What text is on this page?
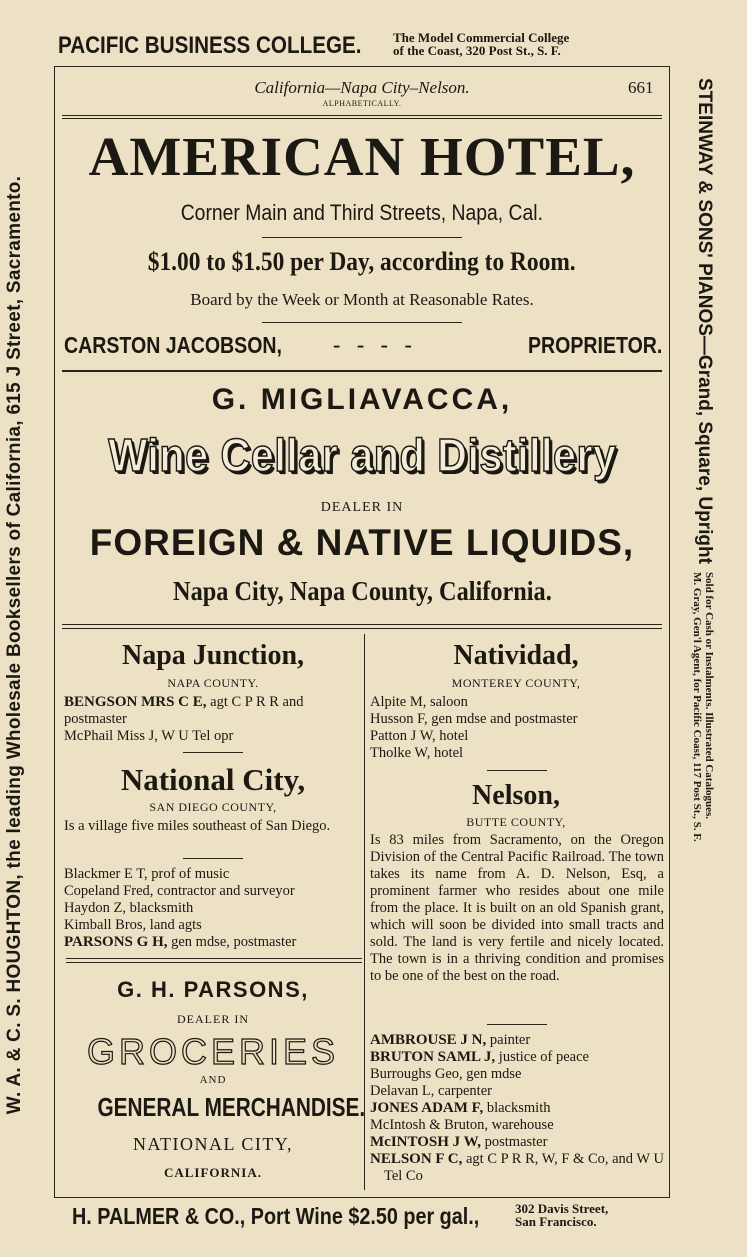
PACIFIC BUSINESS COLLEGE. The Model Commercial College
of the Coast, 320 Post St., S. F.
W. A. & C. S. HOUGHTON, the leading Wholesale Booksellers of California, 615 J Street, Sacramento.	STEINWAY & SONS' PIANOS—Grand, Square, Upright
Sold for Cash or Instalments. Illustrated Catalogues.
M. Gray, Gen'l Agent, for Pacific Coast, 117 Post St., S. F.
California—Napa City–Nelson.	661
ALPHABETICALLY.
AMERICAN HOTEL,
Corner Main and Third Streets, Napa, Cal.
$1.00 to $1.50 per Day, according to Room.
Board by the Week or Month at Reasonable Rates.
CARSTON JACOBSON, -   -   -   -	PROPRIETOR.
G. MIGLIAVACCA,
Wine Cellar and Distillery
DEALER IN
FOREIGN & NATIVE LIQUIDS,
Napa City, Napa County, California.
Napa Junction,
NAPA COUNTY.
BENGSON MRS C E, agt C P R R and postmaster
McPhail Miss J, W U Tel opr
National City,
SAN DIEGO COUNTY,
Is a village five miles southeast of San Diego.
Blackmer E T, prof of music
Copeland Fred, contractor and surveyor
Haydon Z, blacksmith
Kimball Bros, land agts
PARSONS G H, gen mdse, postmaster
G. H. PARSONS,
DEALER IN
GROCERIES
AND
GENERAL MERCHANDISE.
NATIONAL CITY,
CALIFORNIA.
Natividad,
MONTEREY COUNTY,
Alpite M, saloon
Husson F, gen mdse and postmaster
Patton J W, hotel
Tholke W, hotel
Nelson,
BUTTE COUNTY,
Is 83 miles from Sacramento, on the Oregon Division of the Central Pacific Railroad. The town takes its name from A. D. Nelson, Esq, a prominent farmer who resides about one mile from the place. It is built on an old Spanish grant, which will soon be divided into small tracts and sold. The land is very fertile and nicely located. The town is in a thriving condition and promises to be one of the best on the road.
AMBROUSE J N, painter
BRUTON SAML J, justice of peace
Burroughs Geo, gen mdse
Delavan L, carpenter
JONES ADAM F, blacksmith
McIntosh & Bruton, warehouse
McINTOSH J W, postmaster
NELSON F C, agt C P R R, W, F & Co, and W U Tel Co
H. PALMER & CO., Port Wine $2.50 per gal.,	302 Davis Street,
San Francisco.
